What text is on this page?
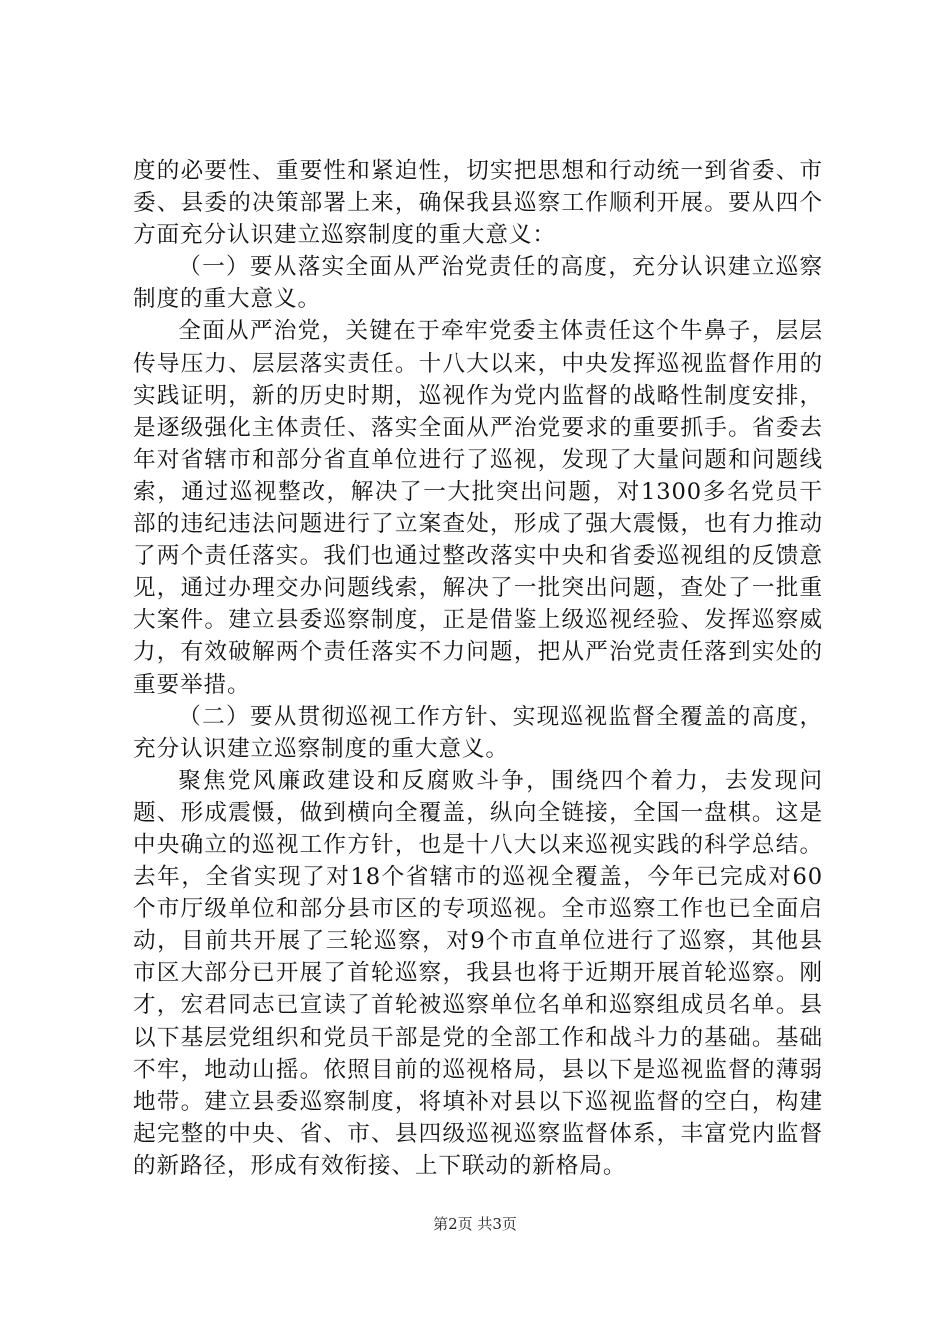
度的必要性、重要性和紧迫性，切实把思想和行动统一到省委、市委、县委的决策部署上来，确保我县巡察工作顺利开展。要从四个方面充分认识建立巡察制度的重大意义：

（一）要从落实全面从严治党责任的高度，充分认识建立巡察制度的重大意义。

全面从严治党，关键在于牵牢党委主体责任这个牛鼻子，层层传导压力、层层落实责任。十八大以来，中央发挥巡视监督作用的实践证明，新的历史时期，巡视作为党内监督的战略性制度安排，是逐级强化主体责任、落实全面从严治党要求的重要抓手。省委去年对省辖市和部分省直单位进行了巡视，发现了大量问题和问题线索，通过巡视整改，解决了一大批突出问题，对1300多名党员干部的违纪违法问题进行了立案查处，形成了强大震慑，也有力推动了两个责任落实。我们也通过整改落实中央和省委巡视组的反馈意见，通过办理交办问题线索，解决了一批突出问题，查处了一批重大案件。建立县委巡察制度，正是借鉴上级巡视经验、发挥巡察威力，有效破解两个责任落实不力问题，把从严治党责任落到实处的重要举措。

（二）要从贯彻巡视工作方针、实现巡视监督全覆盖的高度，充分认识建立巡察制度的重大意义。

聚焦党风廉政建设和反腐败斗争，围绕四个着力，去发现问题、形成震慑，做到横向全覆盖，纵向全链接，全国一盘棋。这是中央确立的巡视工作方针，也是十八大以来巡视实践的科学总结。去年，全省实现了对18个省辖市的巡视全覆盖，今年已完成对60个市厅级单位和部分县市区的专项巡视。全市巡察工作也已全面启动，目前共开展了三轮巡察，对9个市直单位进行了巡察，其他县市区大部分已开展了首轮巡察，我县也将于近期开展首轮巡察。刚才，宏君同志已宣读了首轮被巡察单位名单和巡察组成员名单。县以下基层党组织和党员干部是党的全部工作和战斗力的基础。基础不牢，地动山摇。依照目前的巡视格局，县以下是巡视监督的薄弱地带。建立县委巡察制度，将填补对县以下巡视监督的空白，构建起完整的中央、省、市、县四级巡视巡察监督体系，丰富党内监督的新路径，形成有效衔接、上下联动的新格局。

第2页 共3页
